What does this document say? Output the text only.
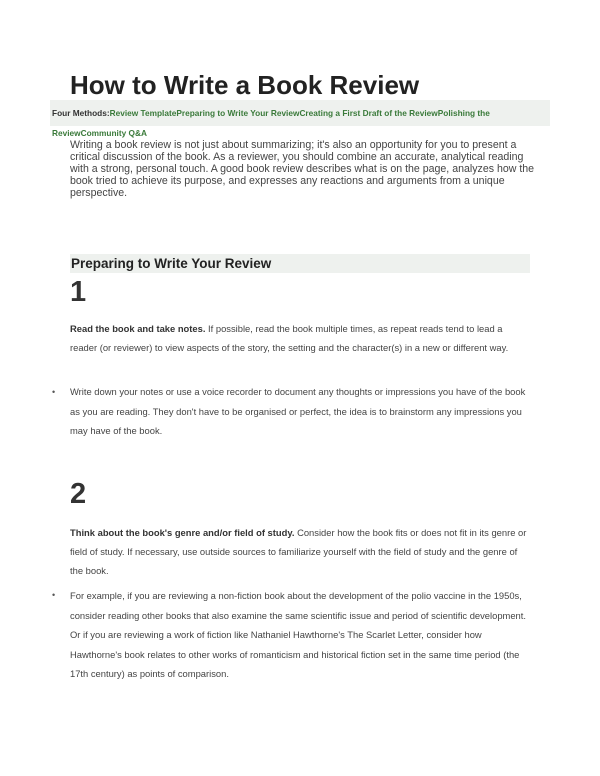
How to Write a Book Review
Four Methods:Review TemplatePreparing to Write Your ReviewCreating a First Draft of the ReviewPolishing the
ReviewCommunity Q&A

Writing a book review is not just about summarizing; it's also an opportunity for you to present a critical discussion of the book. As a reviewer, you should combine an accurate, analytical reading with a strong, personal touch. A good book review describes what is on the page, analyzes how the book tried to achieve its purpose, and expresses any reactions and arguments from a unique perspective.

Preparing to Write Your Review
1

Read the book and take notes. If possible, read the book multiple times, as repeat reads tend to lead a reader (or reviewer) to view aspects of the story, the setting and the character(s) in a new or different way.

• Write down your notes or use a voice recorder to document any thoughts or impressions you have of the book as you are reading. They don't have to be organised or perfect, the idea is to brainstorm any impressions you may have of the book.

2

Think about the book's genre and/or field of study. Consider how the book fits or does not fit in its genre or field of study. If necessary, use outside sources to familiarize yourself with the field of study and the genre of the book.

• For example, if you are reviewing a non-fiction book about the development of the polio vaccine in the 1950s, consider reading other books that also examine the same scientific issue and period of scientific development. Or if you are reviewing a work of fiction like Nathaniel Hawthorne's The Scarlet Letter, consider how Hawthorne's book relates to other works of romanticism and historical fiction set in the same time period (the 17th century) as points of comparison.
